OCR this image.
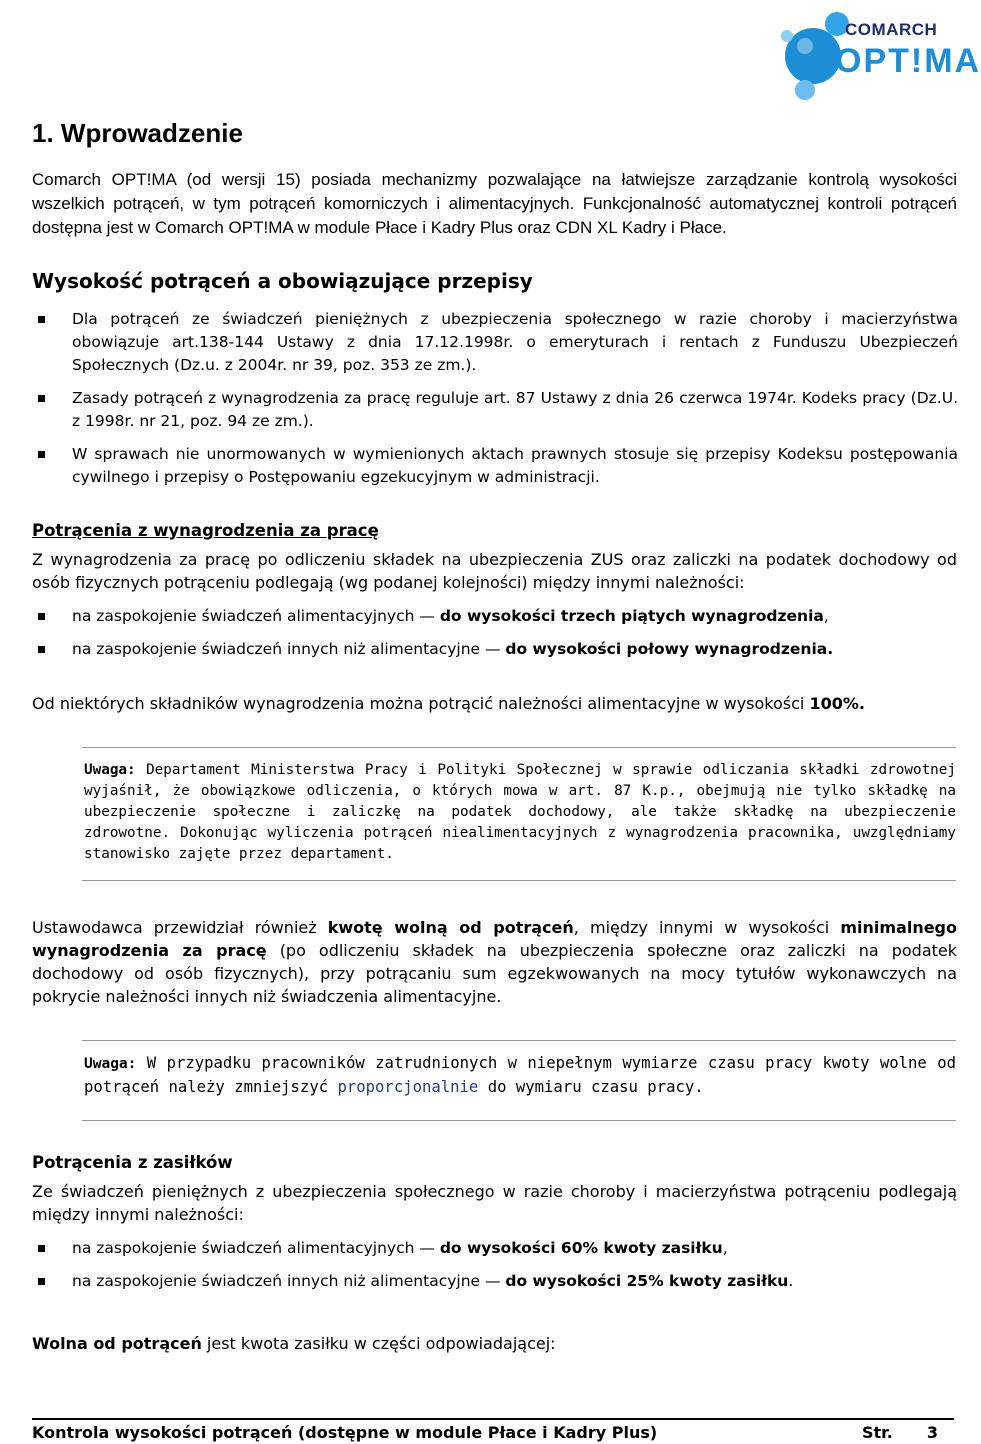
COMARCH
OPT!MA
1. Wprowadzenie
Comarch OPT!MA (od wersji 15) posiada mechanizmy pozwalające na łatwiejsze zarządzanie kontrolą wysokości wszelkich potrąceń, w tym potrąceń komorniczych i alimentacyjnych. Funkcjonalność automatycznej kontroli potrąceń dostępna jest w Comarch OPT!MA w module Płace i Kadry Plus oraz CDN XL Kadry i Płace.
Wysokość potrąceń a obowiązujące przepisy
Dla potrąceń ze świadczeń pieniężnych z ubezpieczenia społecznego w razie choroby i macierzyństwa obowiązuje art.138-144 Ustawy z dnia 17.12.1998r. o emeryturach i rentach z Funduszu Ubezpieczeń Społecznych (Dz.u. z 2004r. nr 39, poz. 353 ze zm.).
Zasady potrąceń z wynagrodzenia za pracę reguluje art. 87 Ustawy z dnia 26 czerwca 1974r. Kodeks pracy (Dz.U. z 1998r. nr 21, poz. 94 ze zm.).
W sprawach nie unormowanych w wymienionych aktach prawnych stosuje się przepisy Kodeksu postępowania cywilnego i przepisy o Postępowaniu egzekucyjnym w administracji.
Potrącenia z wynagrodzenia za pracę
Z wynagrodzenia za pracę po odliczeniu składek na ubezpieczenia ZUS oraz zaliczki na podatek dochodowy od osób fizycznych potrąceniu podlegają (wg podanej kolejności) między innymi należności:
na zaspokojenie świadczeń alimentacyjnych — do wysokości trzech piątych wynagrodzenia,
na zaspokojenie świadczeń innych niż alimentacyjne — do wysokości połowy wynagrodzenia.
Od niektórych składników wynagrodzenia można potrącić należności alimentacyjne w wysokości 100%.
Uwaga: Departament Ministerstwa Pracy i Polityki Społecznej w sprawie odliczania składki zdrowotnej wyjaśnił, że obowiązkowe odliczenia, o których mowa w art. 87 K.p., obejmują nie tylko składkę na ubezpieczenie społeczne i zaliczkę na podatek dochodowy, ale także składkę na ubezpieczenie zdrowotne. Dokonując wyliczenia potrąceń niealimentacyjnych z wynagrodzenia pracownika, uwzględniamy stanowisko zajęte przez departament.
Ustawodawca przewidział również kwotę wolną od potrąceń, między innymi w wysokości minimalnego wynagrodzenia za pracę (po odliczeniu składek na ubezpieczenia społeczne oraz zaliczki na podatek dochodowy od osób fizycznych), przy potrącaniu sum egzekwowanych na mocy tytułów wykonawczych na pokrycie należności innych niż świadczenia alimentacyjne.
Uwaga: W przypadku pracowników zatrudnionych w niepełnym wymiarze czasu pracy kwoty wolne od potrąceń należy zmniejszyć proporcjonalnie do wymiaru czasu pracy.
Potrącenia z zasiłków
Ze świadczeń pieniężnych z ubezpieczenia społecznego w razie choroby i macierzyństwa potrąceniu podlegają między innymi należności:
na zaspokojenie świadczeń alimentacyjnych — do wysokości 60% kwoty zasiłku,
na zaspokojenie świadczeń innych niż alimentacyjne — do wysokości 25% kwoty zasiłku.
Wolna od potrąceń jest kwota zasiłku w części odpowiadającej:
Kontrola wysokości potrąceń (dostępne w module Płace i Kadry Plus)	Str. 3
